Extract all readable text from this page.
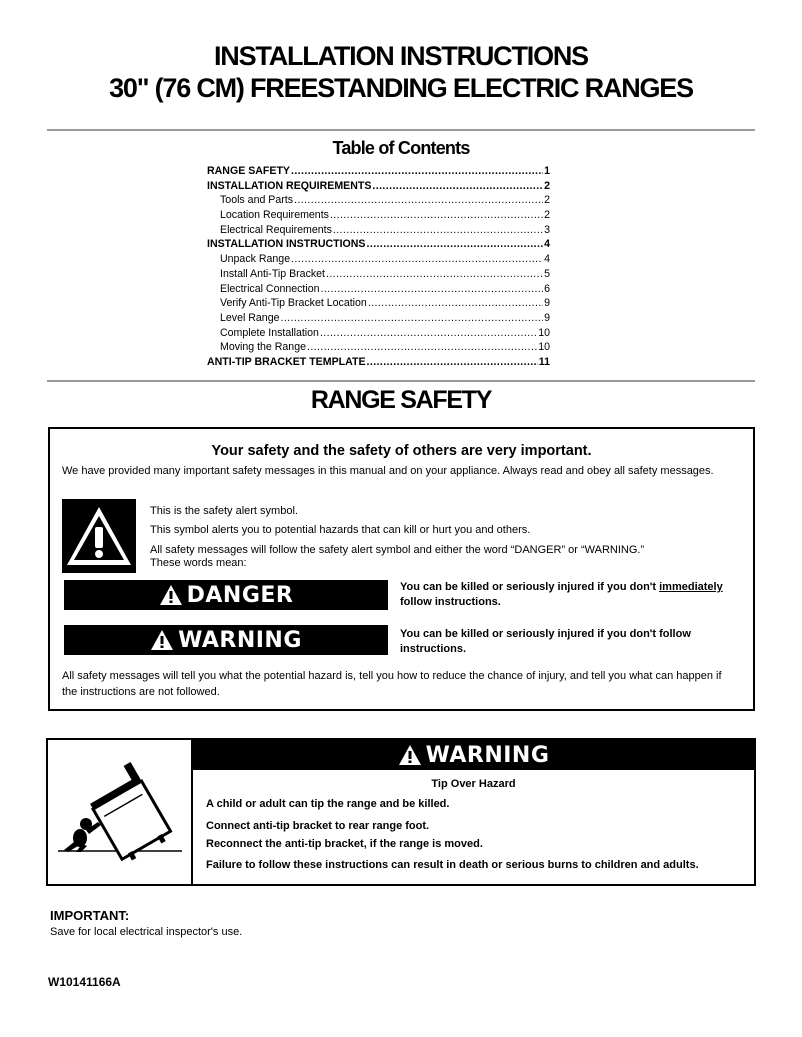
INSTALLATION INSTRUCTIONS
30" (76 CM) FREESTANDING ELECTRIC RANGES
Table of Contents
RANGE SAFETY .....	1
INSTALLATION REQUIREMENTS .....	2
Tools and Parts .....	2
Location Requirements .....	2
Electrical Requirements .....	3
INSTALLATION INSTRUCTIONS .....	4
Unpack Range .....	4
Install Anti-Tip Bracket .....	5
Electrical Connection .....	6
Verify Anti-Tip Bracket Location .....	9
Level Range .....	9
Complete Installation .....	10
Moving the Range .....	10
ANTI-TIP BRACKET TEMPLATE .....	11
RANGE SAFETY
Your safety and the safety of others are very important.
We have provided many important safety messages in this manual and on your appliance. Always read and obey all safety messages.
This is the safety alert symbol.
This symbol alerts you to potential hazards that can kill or hurt you and others.
All safety messages will follow the safety alert symbol and either the word “DANGER” or “WARNING.”
These words mean:
DANGER	You can be killed or seriously injured if you don't immediately
follow instructions.
WARNING	You can be killed or seriously injured if you don't follow
instructions.
All safety messages will tell you what the potential hazard is, tell you how to reduce the chance of injury, and tell you what can happen if the instructions are not followed.
WARNING
Tip Over Hazard
A child or adult can tip the range and be killed.
Connect anti-tip bracket to rear range foot.
Reconnect the anti-tip bracket, if the range is moved.
Failure to follow these instructions can result in death or serious burns to children and adults.
IMPORTANT:
Save for local electrical inspector's use.
W10141166A
